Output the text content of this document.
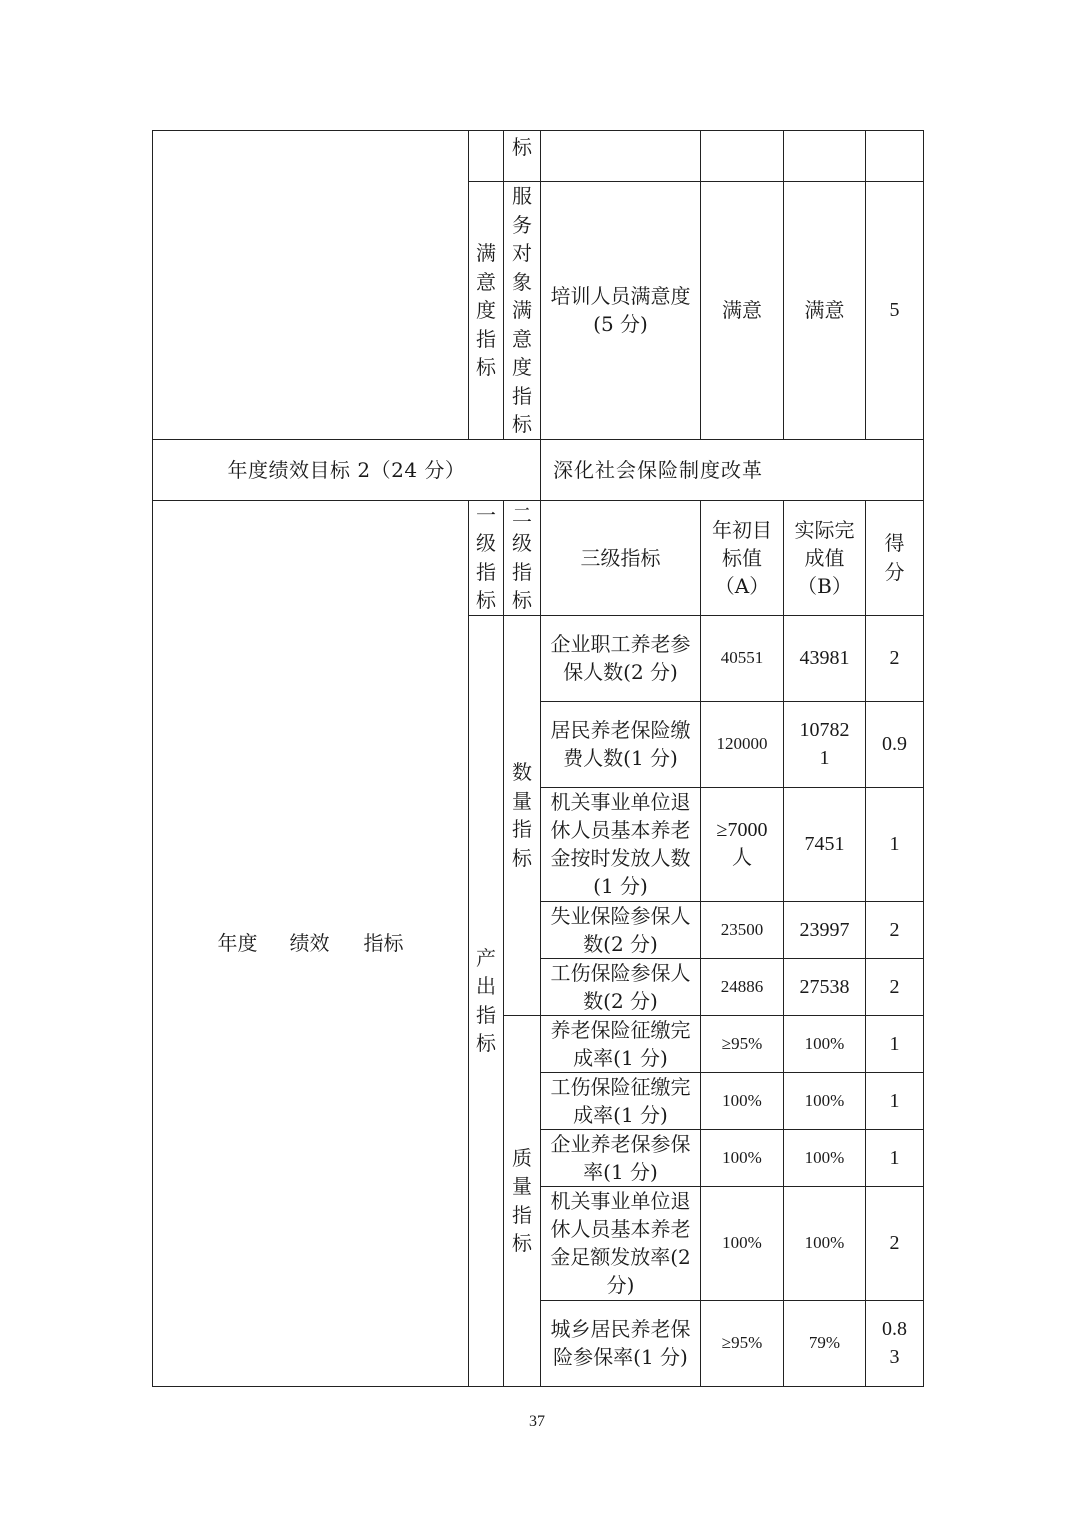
		标				
	满意度指标	服务对象满意度指标	培训人员满意度(5 分)	满意	满意	5
年度绩效目标 2（24 分）			深化社会保险制度改革			
年度 绩效 指标	一级指标	二级指标	三级指标	年初目标值（A）	实际完成值（B）	得分
	产出指标	数量指标	企业职工养老参保人数(2 分)	40551	43981	2
			居民养老保险缴费人数(1 分)	120000	107821	0.9
			机关事业单位退休人员基本养老金按时发放人数(1 分)	≥7000人	7451	1
			失业保险参保人数(2 分)	23500	23997	2
			工伤保险参保人数(2 分)	24886	27538	2
		质量指标	养老保险征缴完成率(1 分)	≥95%	100%	1
			工伤保险征缴完成率(1 分)	100%	100%	1
			企业养老保参保率(1 分)	100%	100%	1
			机关事业单位退休人员基本养老金足额发放率(2 分)	100%	100%	2
			城乡居民养老保险参保率(1 分)	≥95%	79%	0.83
37
